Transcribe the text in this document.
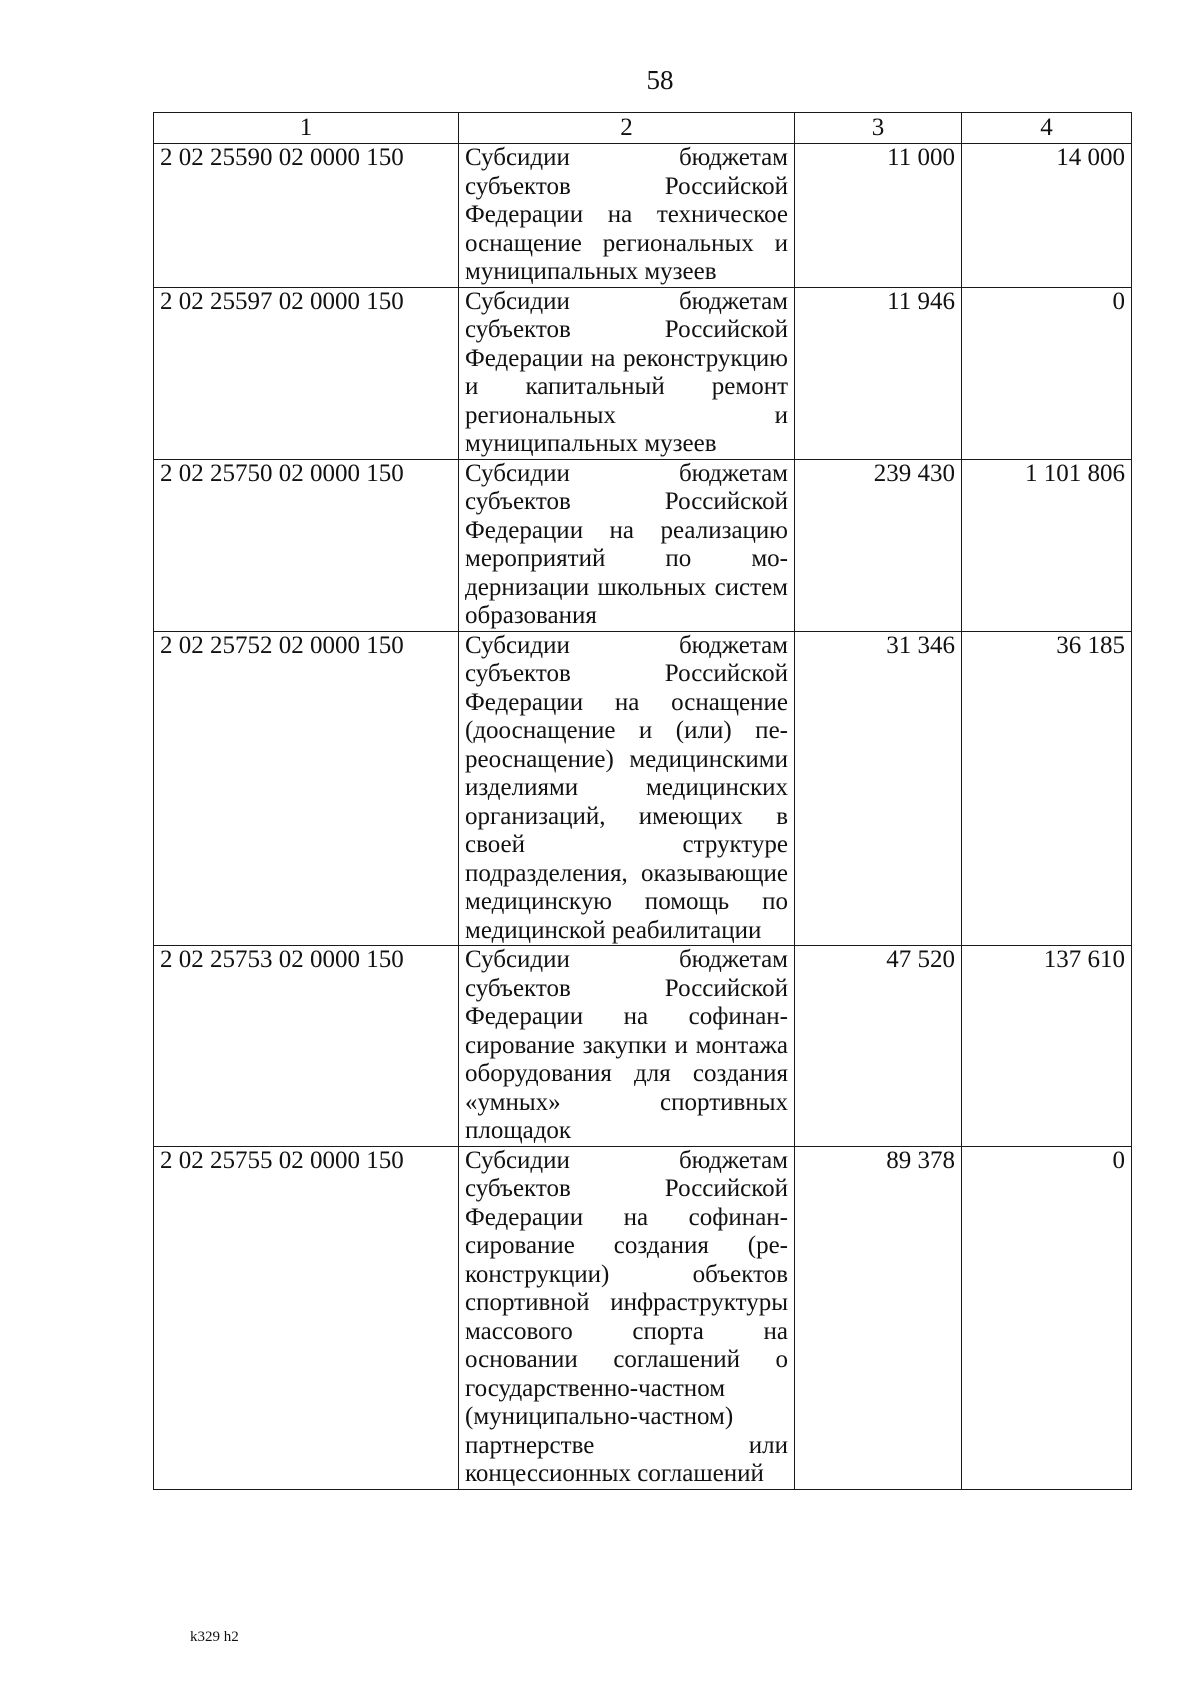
58
1	2	3	4
2 02 25590 02 0000 150	Субсидии бюджетам субъектов Российской Федерации на техническое оснащение региональных и муниципальных музеев	11 000	14 000
2 02 25597 02 0000 150	Субсидии бюджетам субъектов Российской Федерации на реконструкцию и капитальный ремонт региональных и муниципальных музеев	11 946	0
2 02 25750 02 0000 150	Субсидии бюджетам субъектов Российской Федерации на реализацию мероприятий по модернизации школьных систем образования	239 430	1 101 806
2 02 25752 02 0000 150	Субсидии бюджетам субъектов Российской Федерации на оснащение (дооснащение и (или) переоснащение) медицинскими изделиями медицинских организаций, имеющих в своей структуре подразделения, оказывающие медицинскую помощь по медицинской реабилитации	31 346	36 185
2 02 25753 02 0000 150	Субсидии бюджетам субъектов Российской Федерации на софинансирование закупки и монтажа оборудования для создания «умных» спортивных площадок	47 520	137 610
2 02 25755 02 0000 150	Субсидии бюджетам субъектов Российской Федерации на софинансирование создания (реконструкции) объектов спортивной инфраструктуры массового спорта на основании соглашений о государственно-частном (муниципально-частном) партнерстве или концессионных соглашений	89 378	0
k329 h2
